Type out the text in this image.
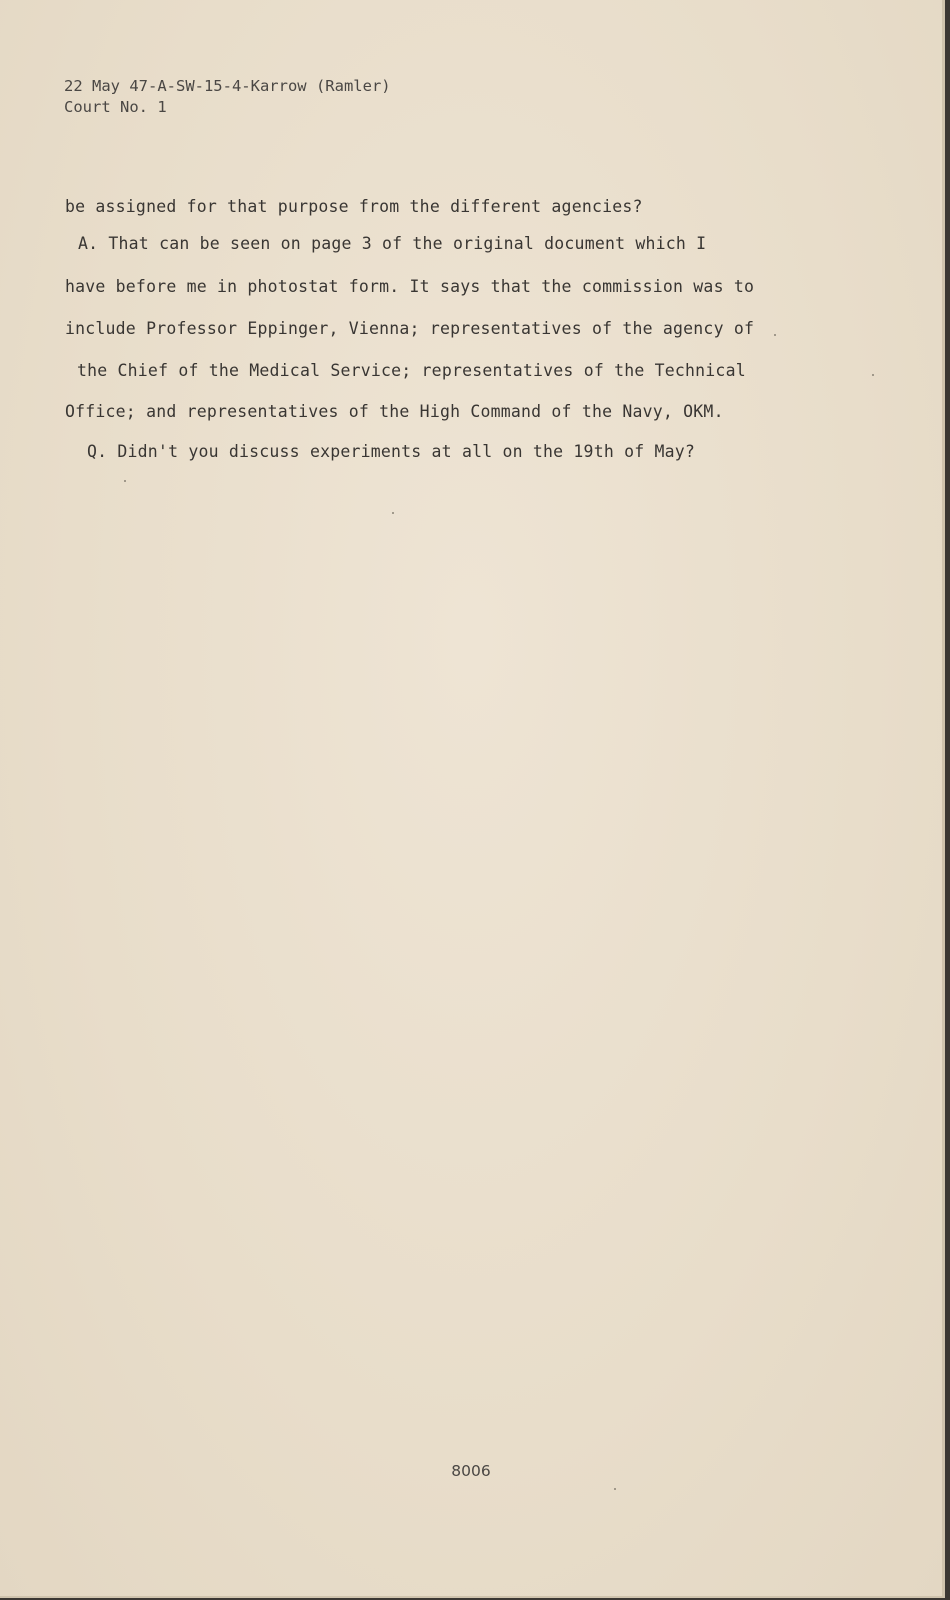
22 May 47-A-SW-15-4-Karrow (Ramler)
Court No. 1
be assigned for that purpose from the different agencies?
A. That can be seen on page 3 of the original document which I
have before me in photostat form. It says that the commission was to
include Professor Eppinger, Vienna; representatives of the agency of
the Chief of the Medical Service; representatives of the Technical
Office; and representatives of the High Command of the Navy, OKM.
Q. Didn't you discuss experiments at all on the 19th of May?
8006
